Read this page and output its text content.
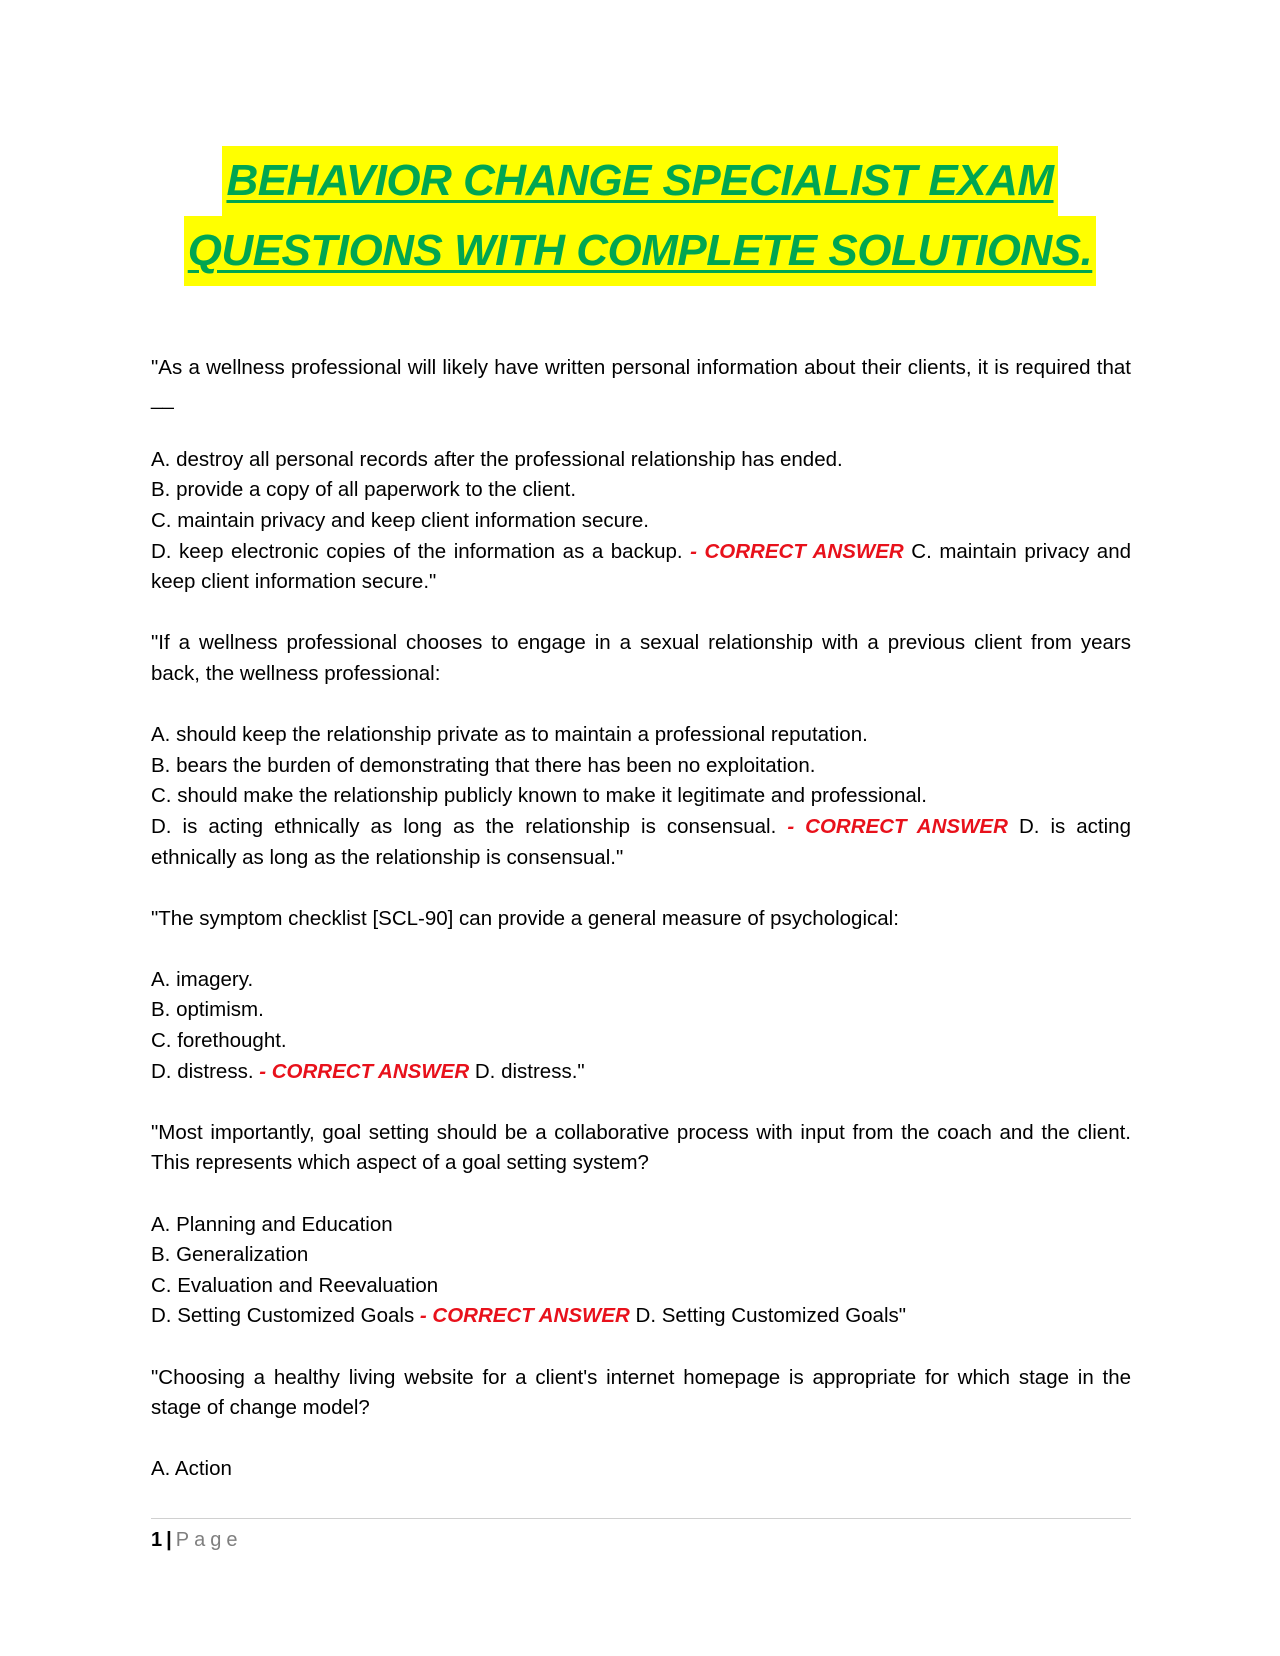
BEHAVIOR CHANGE SPECIALIST EXAM
QUESTIONS WITH COMPLETE SOLUTIONS.
"As a wellness professional will likely have written personal information about their clients, it is required that __
A. destroy all personal records after the professional relationship has ended.
B. provide a copy of all paperwork to the client.
C. maintain privacy and keep client information secure.
D. keep electronic copies of the information as a backup. - CORRECT ANSWER C. maintain privacy and keep client information secure."
"If a wellness professional chooses to engage in a sexual relationship with a previous client from years back, the wellness professional:
A. should keep the relationship private as to maintain a professional reputation.
B. bears the burden of demonstrating that there has been no exploitation.
C. should make the relationship publicly known to make it legitimate and professional.
D. is acting ethnically as long as the relationship is consensual. - CORRECT ANSWER D. is acting ethnically as long as the relationship is consensual."
"The symptom checklist [SCL-90] can provide a general measure of psychological:
A. imagery.
B. optimism.
C. forethought.
D. distress. - CORRECT ANSWER D. distress."
"Most importantly, goal setting should be a collaborative process with input from the coach and the client. This represents which aspect of a goal setting system?
A. Planning and Education
B. Generalization
C. Evaluation and Reevaluation
D. Setting Customized Goals - CORRECT ANSWER D. Setting Customized Goals"
"Choosing a healthy living website for a client's internet homepage is appropriate for which stage in the stage of change model?
A. Action
1 | Page
